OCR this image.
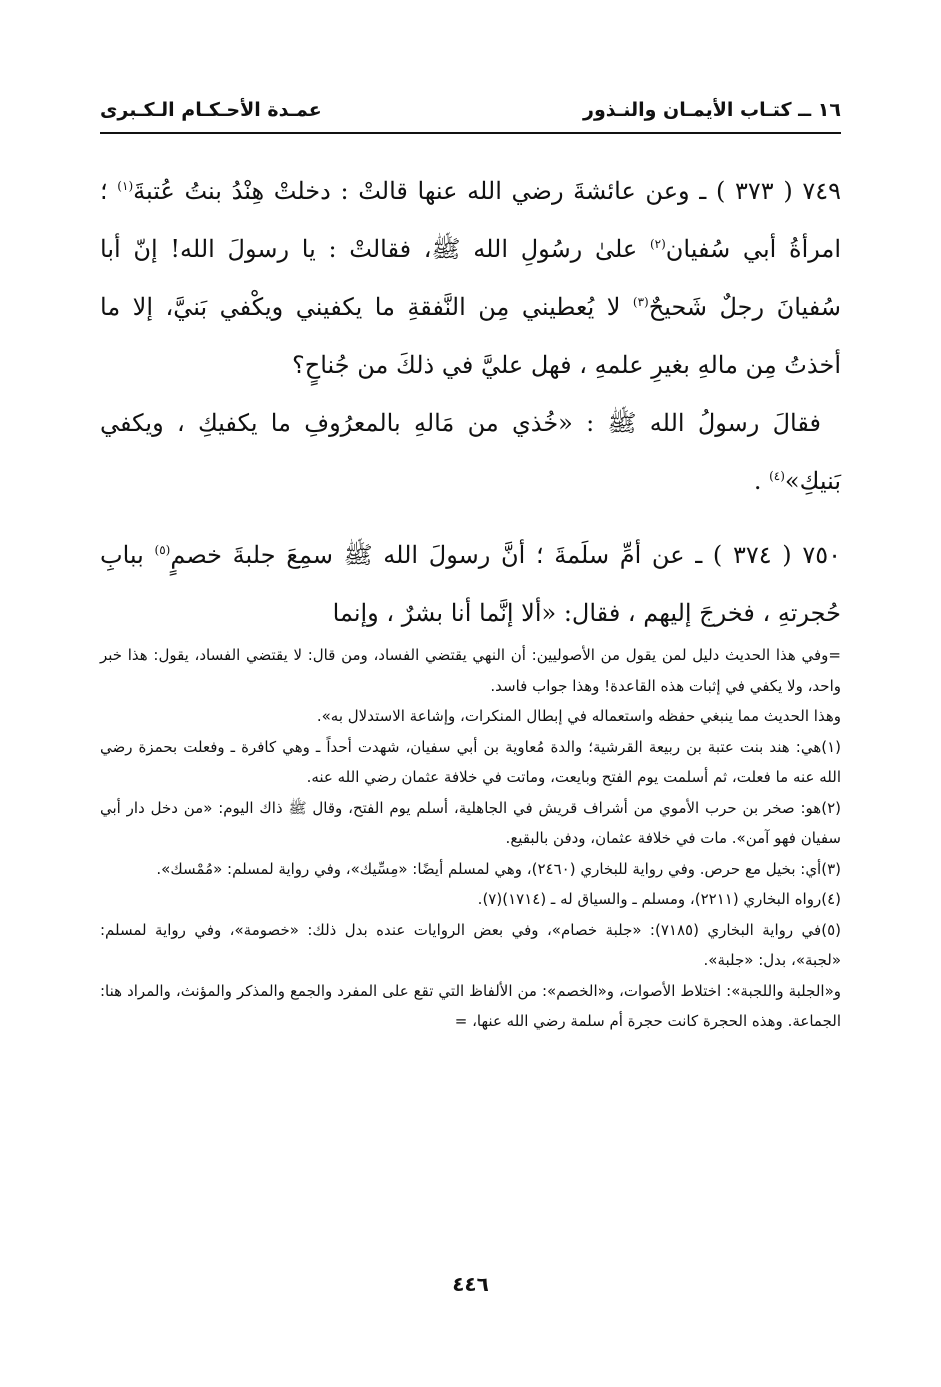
١٦ ــ كتـاب الأيمـان والنـذور
عمـدة الأحـكـام الـكـبرى

٧٤٩ ( ٣٧٣ ) ـ وعن عائشةَ رضي الله عنها قالتْ : دخلتْ هِنْدُ بنتُ عُتبةَ$^{(١)}$ ؛ امرأةُ أبي سُفيان$^{(٢)}$ علىٰ رسُولِ الله ﷺ، فقالتْ : يا رسولَ الله! إنّ أبا سُفيانَ رجلٌ شَحيحٌ$^{(٣)}$ لا يُعطيني مِن النَّفقةِ ما يكفيني ويكْفي بَنيَّ، إلا ما أخذتُ مِن مالهِ بغيرِ علمهِ ، فهل عليَّ في ذلكَ من جُناحٍ؟

فقالَ رسولُ الله ﷺ : «خُذي من مَالهِ بالمعرُوفِ ما يكفيكِ ، ويكفي بَنيكِ»$^{(٤)}$ .

٧٥٠ ( ٣٧٤ ) ـ عن أمِّ سلَمةَ ؛ أنَّ رسولَ الله ﷺ سمِعَ جلبةَ خصمٍ$^{(٥)}$ ببابِ حُجرتهِ ، فخرجَ إليهم ، فقال: «ألا إنَّما أنا بشرٌ ، وإنما

=وفي هذا الحديث دليل لمن يقول من الأصوليين: أن النهي يقتضي الفساد، ومن قال: لا يقتضي الفساد، يقول: هذا خبر واحد، ولا يكفي في إثبات هذه القاعدة! وهذا جواب فاسد.

وهذا الحديث مما ينبغي حفظه واستعماله في إبطال المنكرات، وإشاعة الاستدلال به».

(١)هي: هند بنت عتبة بن ربيعة القرشية؛ والدة مُعاوية بن أبي سفيان، شهدت أحداً ـ وهي كافرة ـ وفعلت بحمزة رضي الله عنه ما فعلت، ثم أسلمت يوم الفتح وبايعت، وماتت في خلافة عثمان رضي الله عنه.

(٢)هو: صخر بن حرب الأموي من أشراف قريش في الجاهلية، أسلم يوم الفتح، وقال ﷺ ذاك اليوم: «من دخل دار أبي سفيان فهو آمن». مات في خلافة عثمان، ودفن بالبقيع.

(٣)أي: بخيل مع حرص. وفي رواية للبخاري (٢٤٦٠)، وهي لمسلم أيضًا: «مِسِّيك»، وفي رواية لمسلم: «مُمْسك».

(٤)رواه البخاري (٢٢١١)، ومسلم ـ والسياق له ـ (١٧١٤)(٧).

(٥)في رواية البخاري (٧١٨٥): «جلبة خصام»، وفي بعض الروايات عنده بدل ذلك: «خصومة»، وفي رواية لمسلم: «لجبة»، بدل: «جلبة».

و«الجلبة واللجبة»: اختلاط الأصوات، و«الخصم»: من الألفاظ التي تقع على المفرد والجمع والمذكر والمؤنث، والمراد هنا: الجماعة. وهذه الحجرة كانت حجرة أم سلمة رضي الله عنها، =

٤٤٦
